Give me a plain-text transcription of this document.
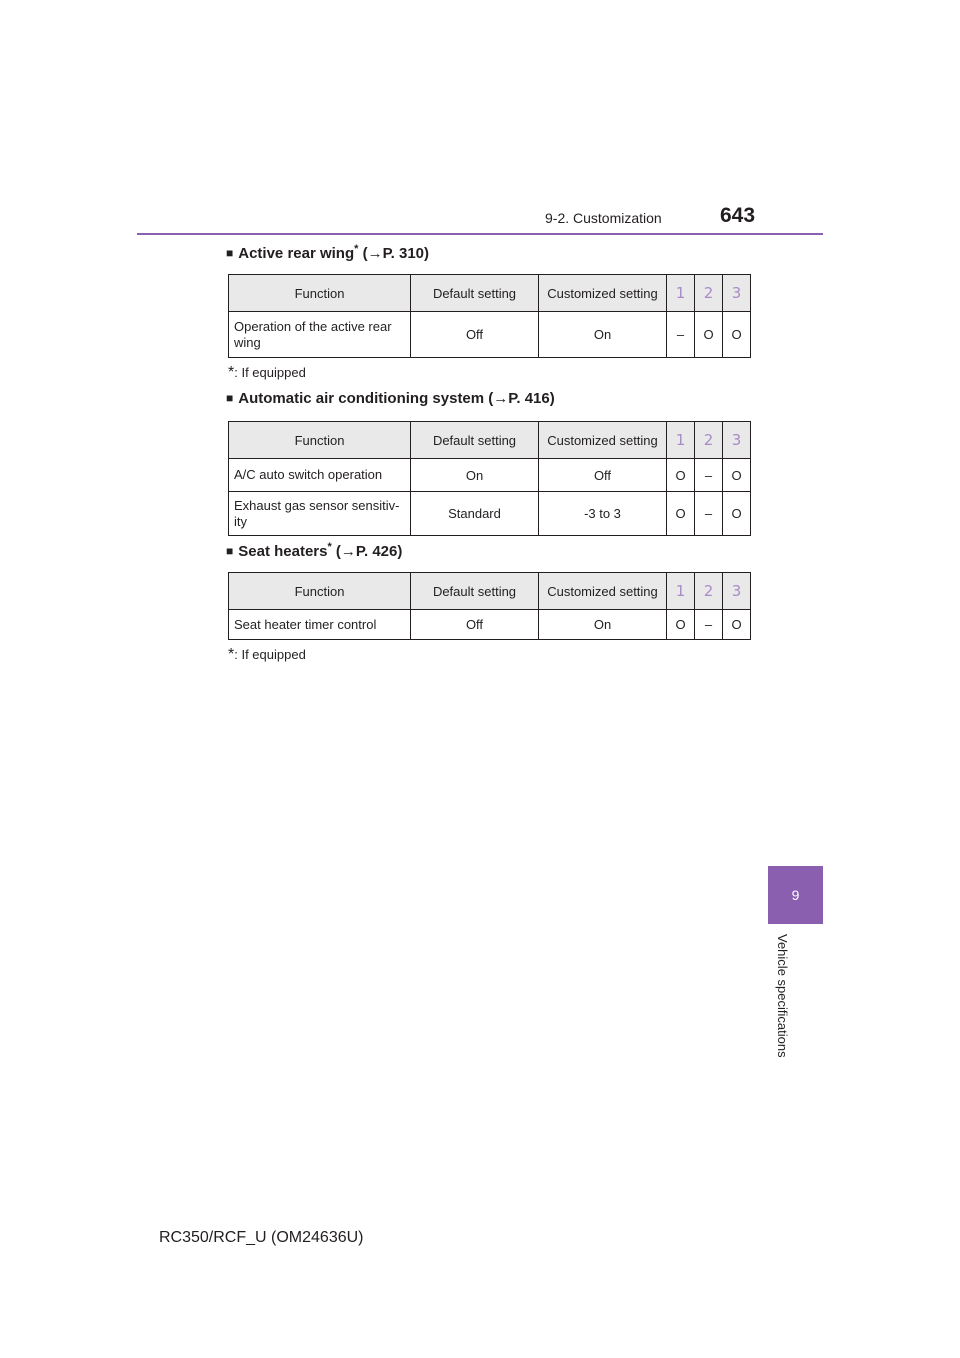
9-2. Customization	643
■ Active rear wing* (→P. 310)
Function	Default setting	Customized setting	1	2	3
Operation of the active rear wing	Off	On	–	O	O
*: If equipped
■ Automatic air conditioning system (→P. 416)
Function	Default setting	Customized setting	1	2	3
A/C auto switch operation	On	Off	O	–	O
Exhaust gas sensor sensitiv-ity	Standard	-3 to 3	O	–	O
■ Seat heaters* (→P. 426)
Function	Default setting	Customized setting	1	2	3
Seat heater timer control	Off	On	O	–	O
*: If equipped
9
Vehicle specifications
RC350/RCF_U (OM24636U)
